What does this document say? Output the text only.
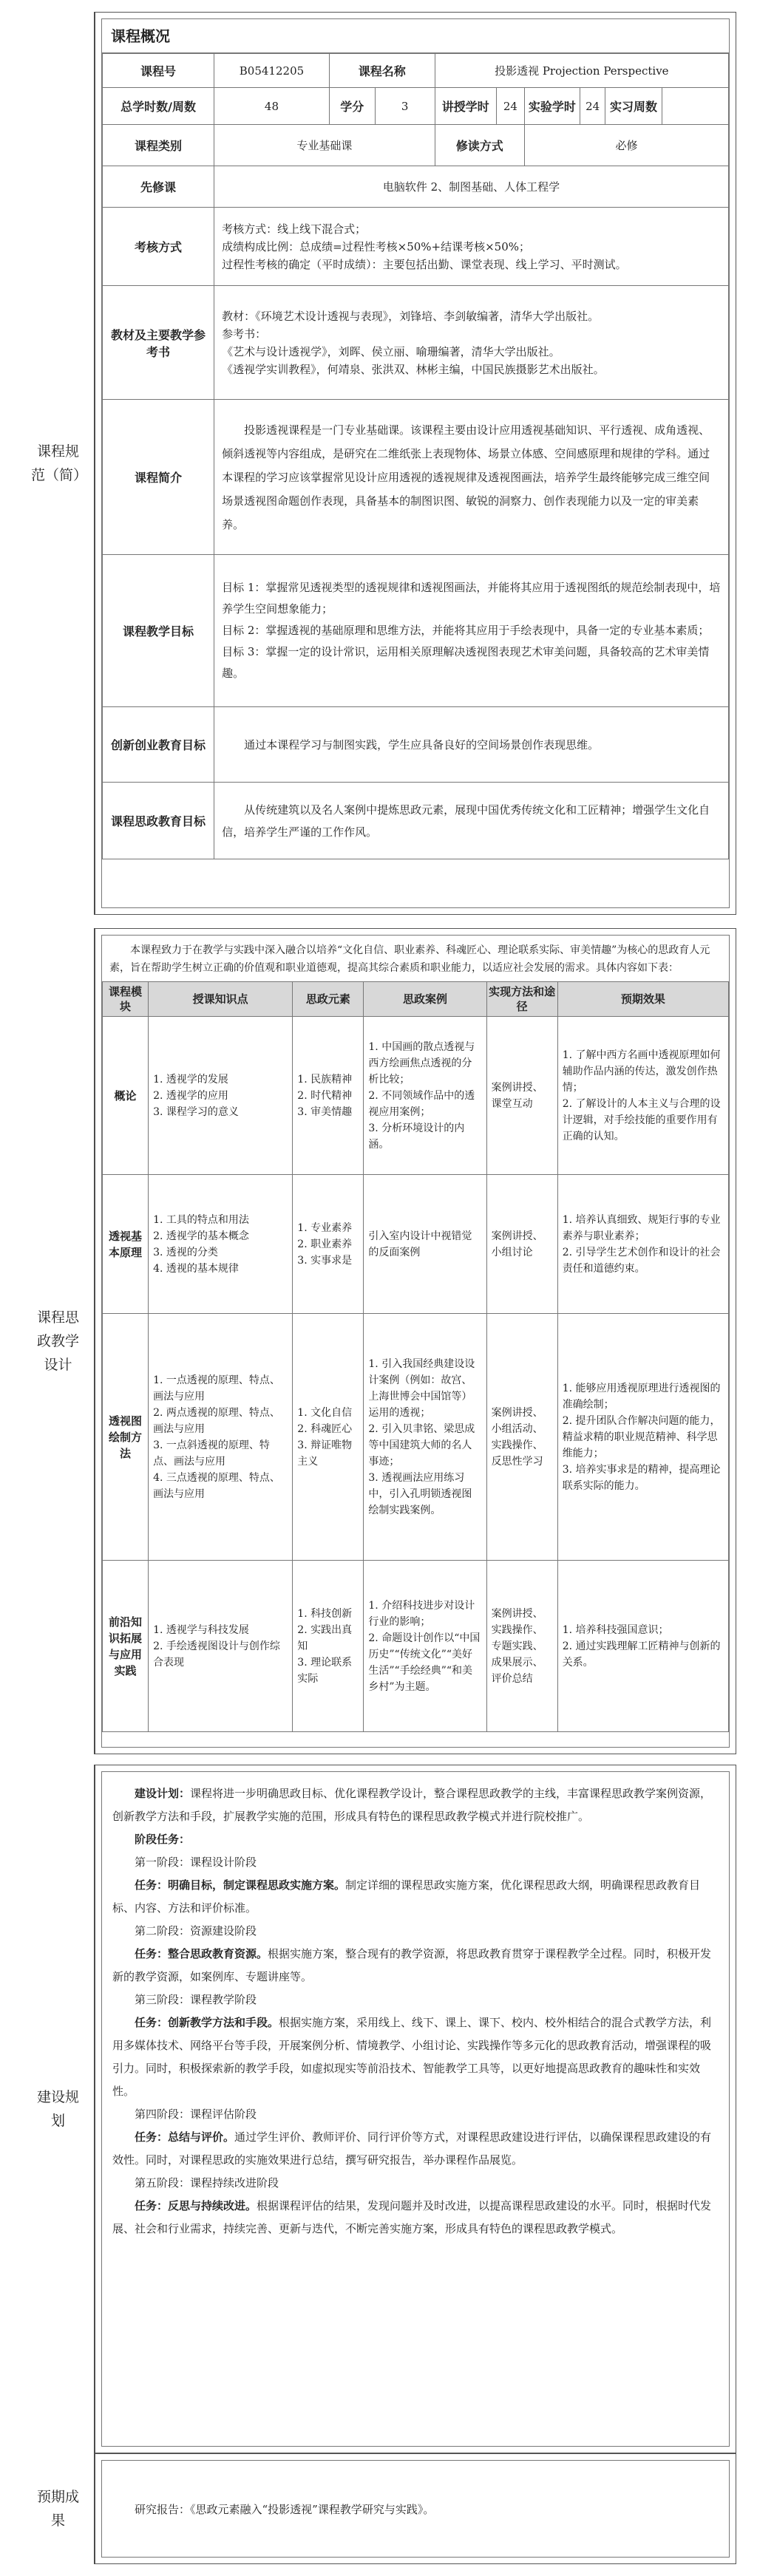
课程规范（简）
课程概况
课程号	B05412205	课程名称		投影透视 Projection Perspective					
总学时数/周数	48	学分	3	讲授学时	24	实验学时	24	实习周数	
课程类别	专业基础课			修读方式		必修			
先修课	电脑软件 2、制图基础、人体工程学								
考核方式	考核方式：线上线下混合式；
成绩构成比例：总成绩=过程性考核×50%+结课考核×50%；
过程性考核的确定（平时成绩）：主要包括出勤、课堂表现、线上学习、平时测试。								

教材及主要教学参考书	教材：《环境艺术设计透视与表现》，刘锋培、李剑敏编著，清华大学出版社。
参考书：
《艺术与设计透视学》，刘晖、侯立丽、喻珊编著，清华大学出版社。
《透视学实训教程》，何靖泉、张洪双、林彬主编，中国民族摄影艺术出版社。								

课程简介	投影透视课程是一门专业基础课。该课程主要由设计应用透视基础知识、平行透视、成角透视、倾斜透视等内容组成，是研究在二维纸张上表现物体、场景立体感、空间感原理和规律的学科。通过本课程的学习应该掌握常见设计应用透视的透视规律及透视图画法，培养学生最终能够完成三维空间场景透视图命题创作表现，具备基本的制图识图、敏锐的洞察力、创作表现能力以及一定的审美素养。								
课程教学目标	目标 1：掌握常见透视类型的透视规律和透视图画法，并能将其应用于透视图纸的规范绘制表现中，培养学生空间想象能力；
目标 2：掌握透视的基础原理和思维方法，并能将其应用于手绘表现中，具备一定的专业基本素质；
目标 3：掌握一定的设计常识，运用相关原理解决透视图表现艺术审美问题，具备较高的艺术审美情趣。								

创新创业教育目标	通过本课程学习与制图实践，学生应具备良好的空间场景创作表现思维。								
课程思政教育目标	从传统建筑以及名人案例中提炼思政元素，展现中国优秀传统文化和工匠精神；增强学生文化自信，培养学生严谨的工作作风。								
课程思政教学设计
本课程致力于在教学与实践中深入融合以培养“文化自信、职业素养、科魂匠心、理论联系实际、审美情趣”为核心的思政育人元素，旨在帮助学生树立正确的价值观和职业道德观，提高其综合素质和职业能力，以适应社会发展的需求。具体内容如下表：
课程模块	授课知识点	思政元素	思政案例	实现方法和途径	预期效果
概论	1. 透视学的发展
2. 透视学的应用
3. 课程学习的意义	1. 民族精神
2. 时代精神
3. 审美情趣	1. 中国画的散点透视与西方绘画焦点透视的分析比较；
2. 不同领域作品中的透视应用案例；
3. 分析环境设计的内涵。	案例讲授、课堂互动	1. 了解中西方名画中透视原理如何辅助作品内涵的传达，激发创作热情；
2. 了解设计的人本主义与合理的设计逻辑，对手绘技能的重要作用有正确的认知。

透视基本原理	1. 工具的特点和用法
2. 透视学的基本概念
3. 透视的分类
4. 透视的基本规律	1. 专业素养
2. 职业素养
3. 实事求是	引入室内设计中视错觉的反面案例	案例讲授、小组讨论	1. 培养认真细致、规矩行事的专业素养与职业素养；
2. 引导学生艺术创作和设计的社会责任和道德约束。

透视图绘制方法	1. 一点透视的原理、特点、画法与应用
2. 两点透视的原理、特点、画法与应用
3. 一点斜透视的原理、特点、画法与应用
4. 三点透视的原理、特点、画法与应用	1. 文化自信
2. 科魂匠心
3. 辩证唯物主义	1. 引入我国经典建设设计案例（例如：故宫、上海世博会中国馆等）运用的透视；
2. 引入贝聿铭、梁思成等中国建筑大师的名人事迹；
3. 透视画法应用练习中，引入孔明锁透视图绘制实践案例。	案例讲授、小组活动、实践操作、反思性学习	1. 能够应用透视原理进行透视图的准确绘制；
2. 提升团队合作解决问题的能力，精益求精的职业规范精神、科学思维能力；
3. 培养实事求是的精神，提高理论联系实际的能力。

前沿知识拓展与应用实践	1. 透视学与科技发展
2. 手绘透视图设计与创作综合表现	1. 科技创新
2. 实践出真知
3. 理论联系实际	1. 介绍科技进步对设计行业的影响；
2. 命题设计创作以“中国历史”“传统文化”“美好生活”“手绘经典”“和美乡村”为主题。	案例讲授、实践操作、专题实践、成果展示、评价总结	1. 培养科技强国意识；
2. 通过实践理解工匠精神与创新的关系。
建设规划

建设计划：课程将进一步明确思政目标、优化课程教学设计，整合课程思政教学的主线，丰富课程思政教学案例资源，创新教学方法和手段，扩展教学实施的范围，形成具有特色的课程思政教学模式并进行院校推广。

阶段任务：

第一阶段：课程设计阶段

任务：明确目标，制定课程思政实施方案。制定详细的课程思政实施方案，优化课程思政大纲，明确课程思政教育目标、内容、方法和评价标准。

第二阶段：资源建设阶段

任务：整合思政教育资源。根据实施方案，整合现有的教学资源，将思政教育贯穿于课程教学全过程。同时，积极开发新的教学资源，如案例库、专题讲座等。

第三阶段：课程教学阶段

任务：创新教学方法和手段。根据实施方案，采用线上、线下、课上、课下、校内、校外相结合的混合式教学方法，利用多媒体技术、网络平台等手段，开展案例分析、情境教学、小组讨论、实践操作等多元化的思政教育活动，增强课程的吸引力。同时，积极探索新的教学手段，如虚拟现实等前沿技术、智能教学工具等，以更好地提高思政教育的趣味性和实效性。

第四阶段：课程评估阶段

任务：总结与评价。通过学生评价、教师评价、同行评价等方式，对课程思政建设进行评估，以确保课程思政建设的有效性。同时，对课程思政的实施效果进行总结，撰写研究报告，举办课程作品展览。

第五阶段：课程持续改进阶段

任务：反思与持续改进。根据课程评估的结果，发现问题并及时改进，以提高课程思政建设的水平。同时，根据时代发展、社会和行业需求，持续完善、更新与迭代，不断完善实施方案，形成具有特色的课程思政教学模式。

预期成果
研究报告：《思政元素融入“投影透视”课程教学研究与实践》。
